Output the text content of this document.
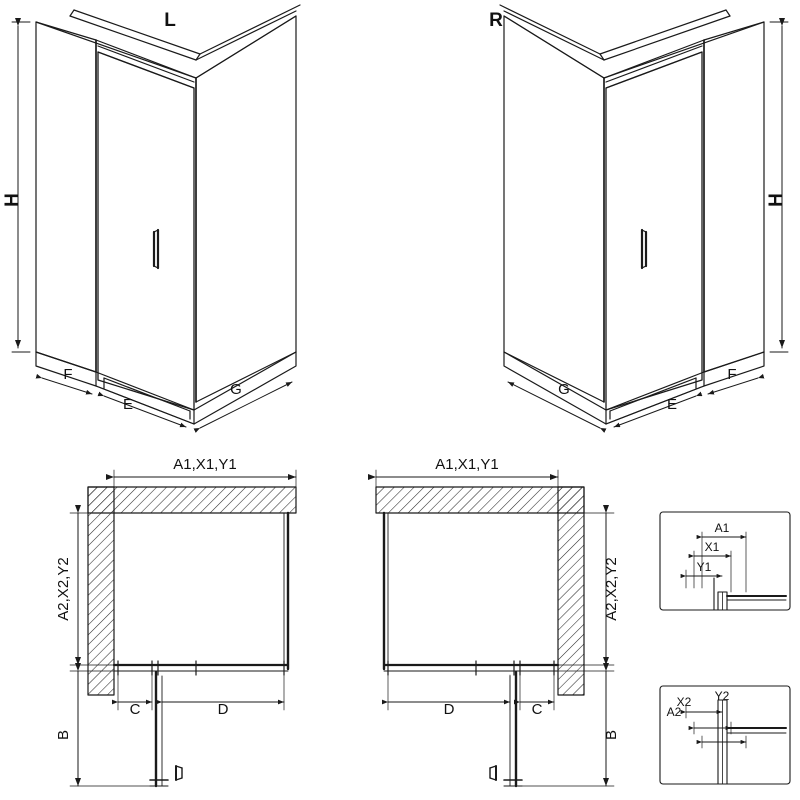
L	R
H
F
E
G
H
F
E
G
A1,X1,Y1
A2,X2,Y2
B
C	D
A1,X1,Y1
A2,X2,Y2
B
D	C
A1
X1
Y1
A2
X2 Y2
